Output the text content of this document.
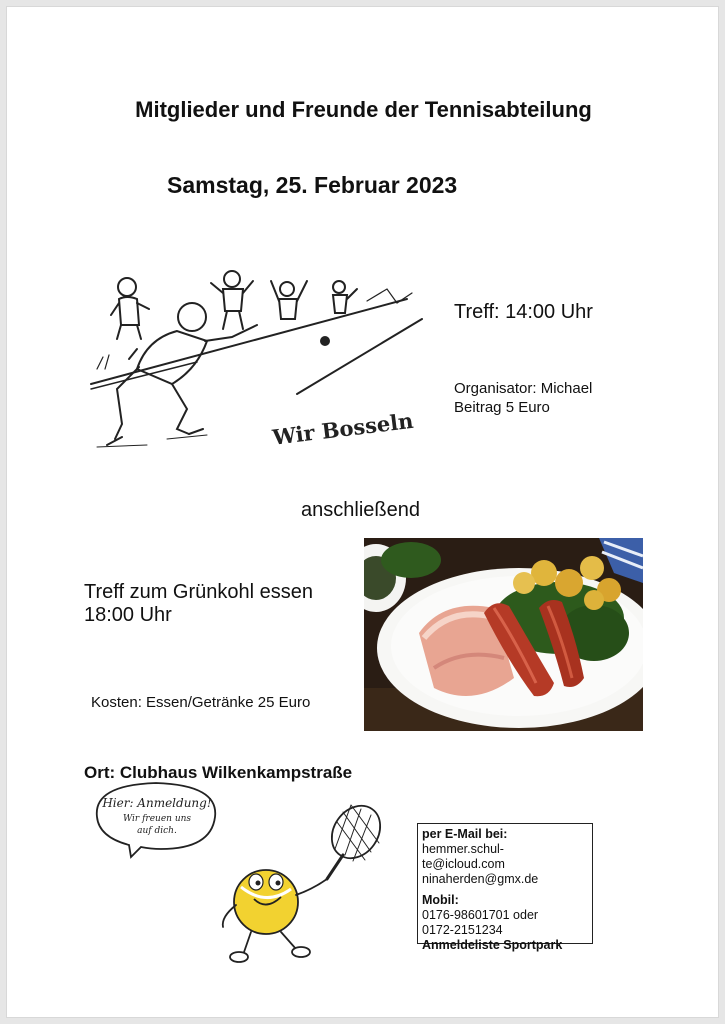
Mitglieder und Freunde der Tennisabteilung
Samstag, 25. Februar 2023
Wir Bosseln
Treff: 14:00 Uhr
Organisator: Michael
Beitrag 5 Euro
anschließend
Treff zum Grünkohl essen
18:00 Uhr
Kosten: Essen/Getränke 25 Euro
Ort: Clubhaus Wilkenkampstraße
Hier: Anmeldung!
Wir freuen uns
auf dich.	per E-Mail bei: hemmer.schul-
te@icloud.com
ninaherden@gmx.de
Mobil:
0176-98601701 oder
0172-2151234
Anmeldeliste Sportpark
